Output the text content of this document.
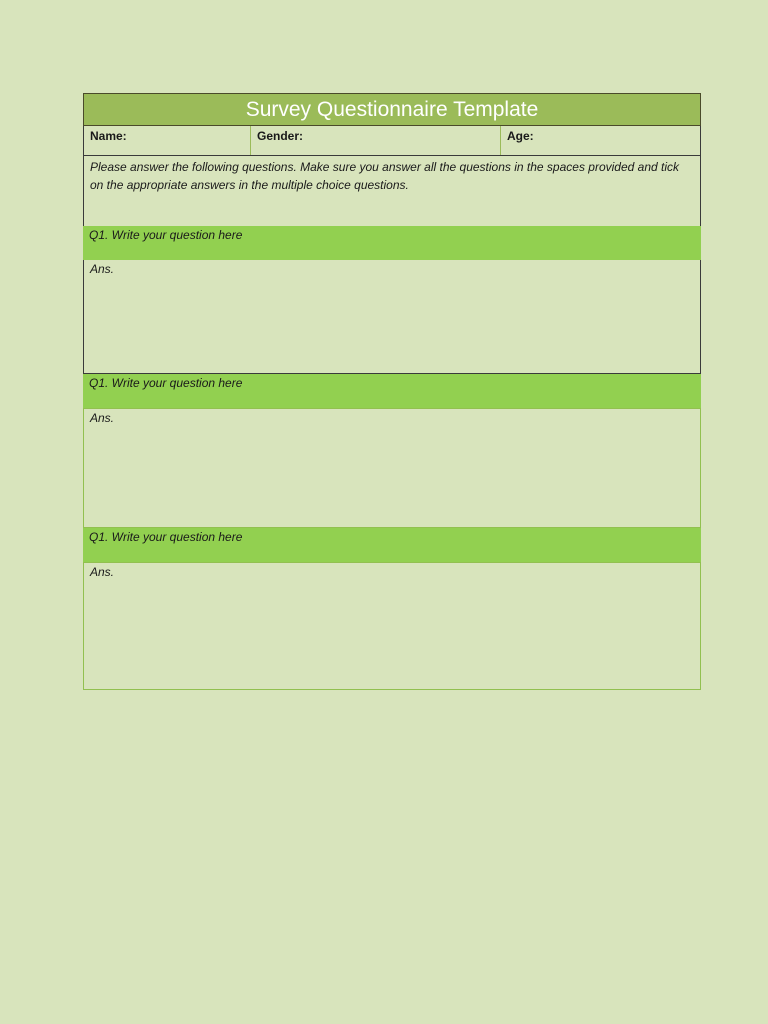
Survey Questionnaire Template
Name:	Gender:	Age:
Please answer the following questions. Make sure you answer all the questions in the spaces provided and tick on the appropriate answers in the multiple choice questions.
Q1. Write your question here
Ans.
Q1. Write your question here
Ans.
Q1. Write your question here
Ans.
